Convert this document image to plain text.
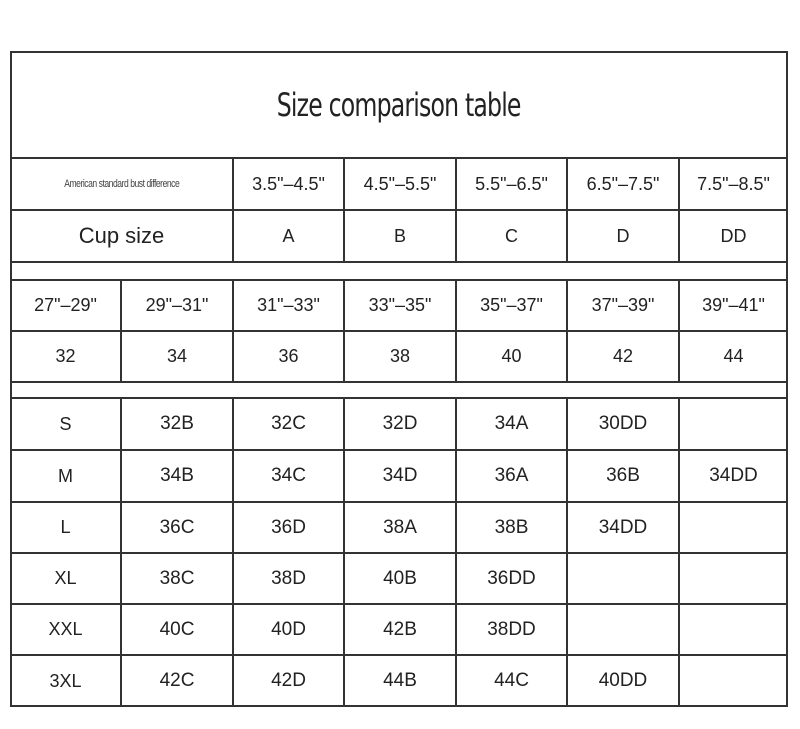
Size comparison table
American standard bust difference
Cup size
3.5"–4.5" 4.5"–5.5" 5.5"–6.5" 6.5"–7.5" 7.5"–8.5"
A	B	C	D	DD
27"–29"	29"–31"	31"–33"	33"–35"	35"–37"	37"–39"	39"–41"
32	34	36	38	40	42	44
S	32B	32C	32D	34A	30DD
M	34B	34C	34D	36A	36B	34DD
L	36C	36D	38A	38B	34DD
XL	38C	38D	40B	36DD
XXL	40C	40D	42B	38DD
3XL	42C	42D	44B	44C	40DD
